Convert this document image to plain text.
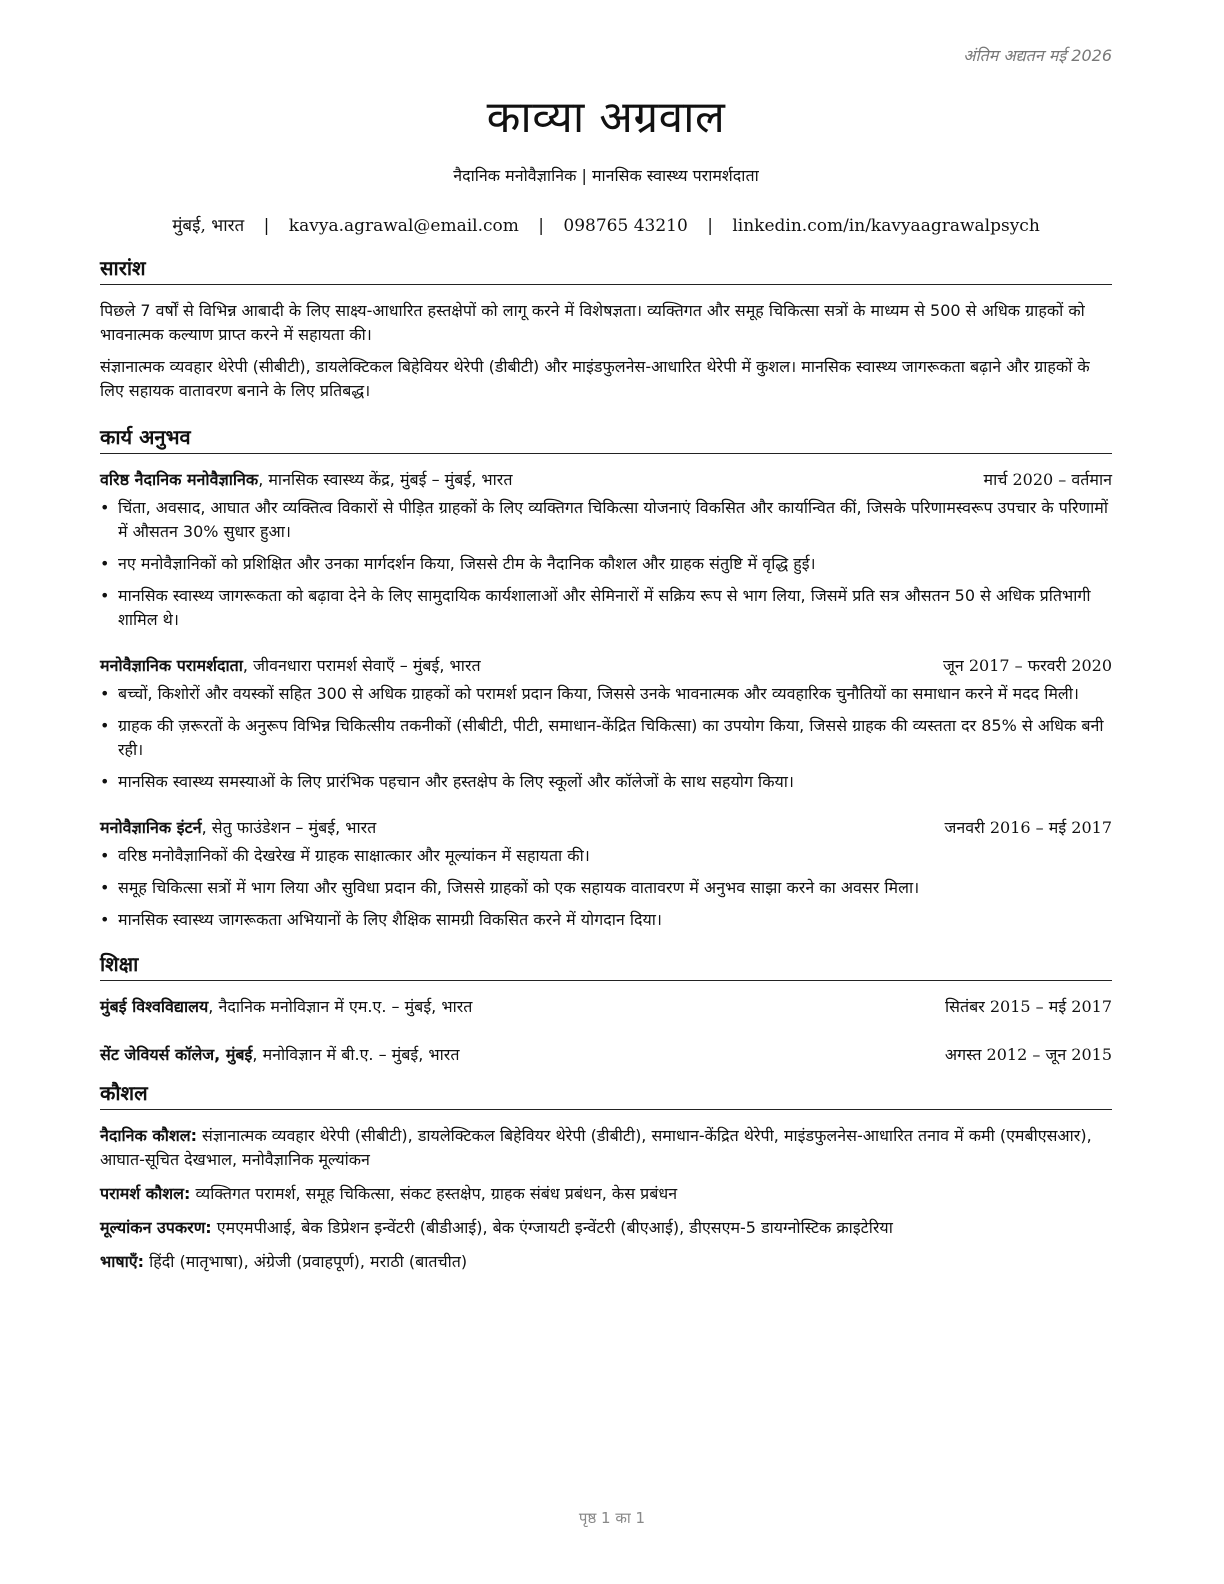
अंतिम अद्यतन मई 2026
काव्या अग्रवाल
नैदानिक मनोवैज्ञानिक | मानसिक स्वास्थ्य परामर्शदाता
मुंबई, भारत | kavya.agrawal@email.com | 098765 43210 | linkedin.com/in/kavyaagrawalpsych
सारांश

पिछले 7 वर्षों से विभिन्न आबादी के लिए साक्ष्य-आधारित हस्तक्षेपों को लागू करने में विशेषज्ञता। व्यक्तिगत और समूह चिकित्सा सत्रों के माध्यम से 500 से अधिक ग्राहकों को भावनात्मक कल्याण प्राप्त करने में सहायता की।

संज्ञानात्मक व्यवहार थेरेपी (सीबीटी), डायलेक्टिकल बिहेवियर थेरेपी (डीबीटी) और माइंडफुलनेस-आधारित थेरेपी में कुशल। मानसिक स्वास्थ्य जागरूकता बढ़ाने और ग्राहकों के लिए सहायक वातावरण बनाने के लिए प्रतिबद्ध।

कार्य अनुभव
वरिष्ठ नैदानिक मनोवैज्ञानिक, मानसिक स्वास्थ्य केंद्र, मुंबई – मुंबई, भारत	मार्च 2020 – वर्तमान
• चिंता, अवसाद, आघात और व्यक्तित्व विकारों से पीड़ित ग्राहकों के लिए व्यक्तिगत चिकित्सा योजनाएं विकसित और कार्यान्वित कीं, जिसके परिणामस्वरूप उपचार के परिणामों में औसतन 30% सुधार हुआ।
• नए मनोवैज्ञानिकों को प्रशिक्षित और उनका मार्गदर्शन किया, जिससे टीम के नैदानिक कौशल और ग्राहक संतुष्टि में वृद्धि हुई।
• मानसिक स्वास्थ्य जागरूकता को बढ़ावा देने के लिए सामुदायिक कार्यशालाओं और सेमिनारों में सक्रिय रूप से भाग लिया, जिसमें प्रति सत्र औसतन 50 से अधिक प्रतिभागी शामिल थे।
मनोवैज्ञानिक परामर्शदाता, जीवनधारा परामर्श सेवाएँ – मुंबई, भारत	जून 2017 – फरवरी 2020
• बच्चों, किशोरों और वयस्कों सहित 300 से अधिक ग्राहकों को परामर्श प्रदान किया, जिससे उनके भावनात्मक और व्यवहारिक चुनौतियों का समाधान करने में मदद मिली।
• ग्राहक की ज़रूरतों के अनुरूप विभिन्न चिकित्सीय तकनीकों (सीबीटी, पीटी, समाधान-केंद्रित चिकित्सा) का उपयोग किया, जिससे ग्राहक की व्यस्तता दर 85% से अधिक बनी रही।
• मानसिक स्वास्थ्य समस्याओं के लिए प्रारंभिक पहचान और हस्तक्षेप के लिए स्कूलों और कॉलेजों के साथ सहयोग किया।
मनोवैज्ञानिक इंटर्न, सेतु फाउंडेशन – मुंबई, भारत	जनवरी 2016 – मई 2017
• वरिष्ठ मनोवैज्ञानिकों की देखरेख में ग्राहक साक्षात्कार और मूल्यांकन में सहायता की।
• समूह चिकित्सा सत्रों में भाग लिया और सुविधा प्रदान की, जिससे ग्राहकों को एक सहायक वातावरण में अनुभव साझा करने का अवसर मिला।
• मानसिक स्वास्थ्य जागरूकता अभियानों के लिए शैक्षिक सामग्री विकसित करने में योगदान दिया।
शिक्षा
मुंबई विश्वविद्यालय, नैदानिक मनोविज्ञान में एम.ए. – मुंबई, भारत	सितंबर 2015 – मई 2017
सेंट जेवियर्स कॉलेज, मुंबई, मनोविज्ञान में बी.ए. – मुंबई, भारत	अगस्त 2012 – जून 2015
कौशल
नैदानिक कौशल: संज्ञानात्मक व्यवहार थेरेपी (सीबीटी), डायलेक्टिकल बिहेवियर थेरेपी (डीबीटी), समाधान-केंद्रित थेरेपी, माइंडफुलनेस-आधारित तनाव में कमी (एमबीएसआर), आघात-सूचित देखभाल, मनोवैज्ञानिक मूल्यांकन
परामर्श कौशल: व्यक्तिगत परामर्श, समूह चिकित्सा, संकट हस्तक्षेप, ग्राहक संबंध प्रबंधन, केस प्रबंधन
मूल्यांकन उपकरण: एमएमपीआई, बेक डिप्रेशन इन्वेंटरी (बीडीआई), बेक एंग्जायटी इन्वेंटरी (बीएआई), डीएसएम-5 डायग्नोस्टिक क्राइटेरिया
भाषाएँ: हिंदी (मातृभाषा), अंग्रेजी (प्रवाहपूर्ण), मराठी (बातचीत)
पृष्ठ 1 का 1
